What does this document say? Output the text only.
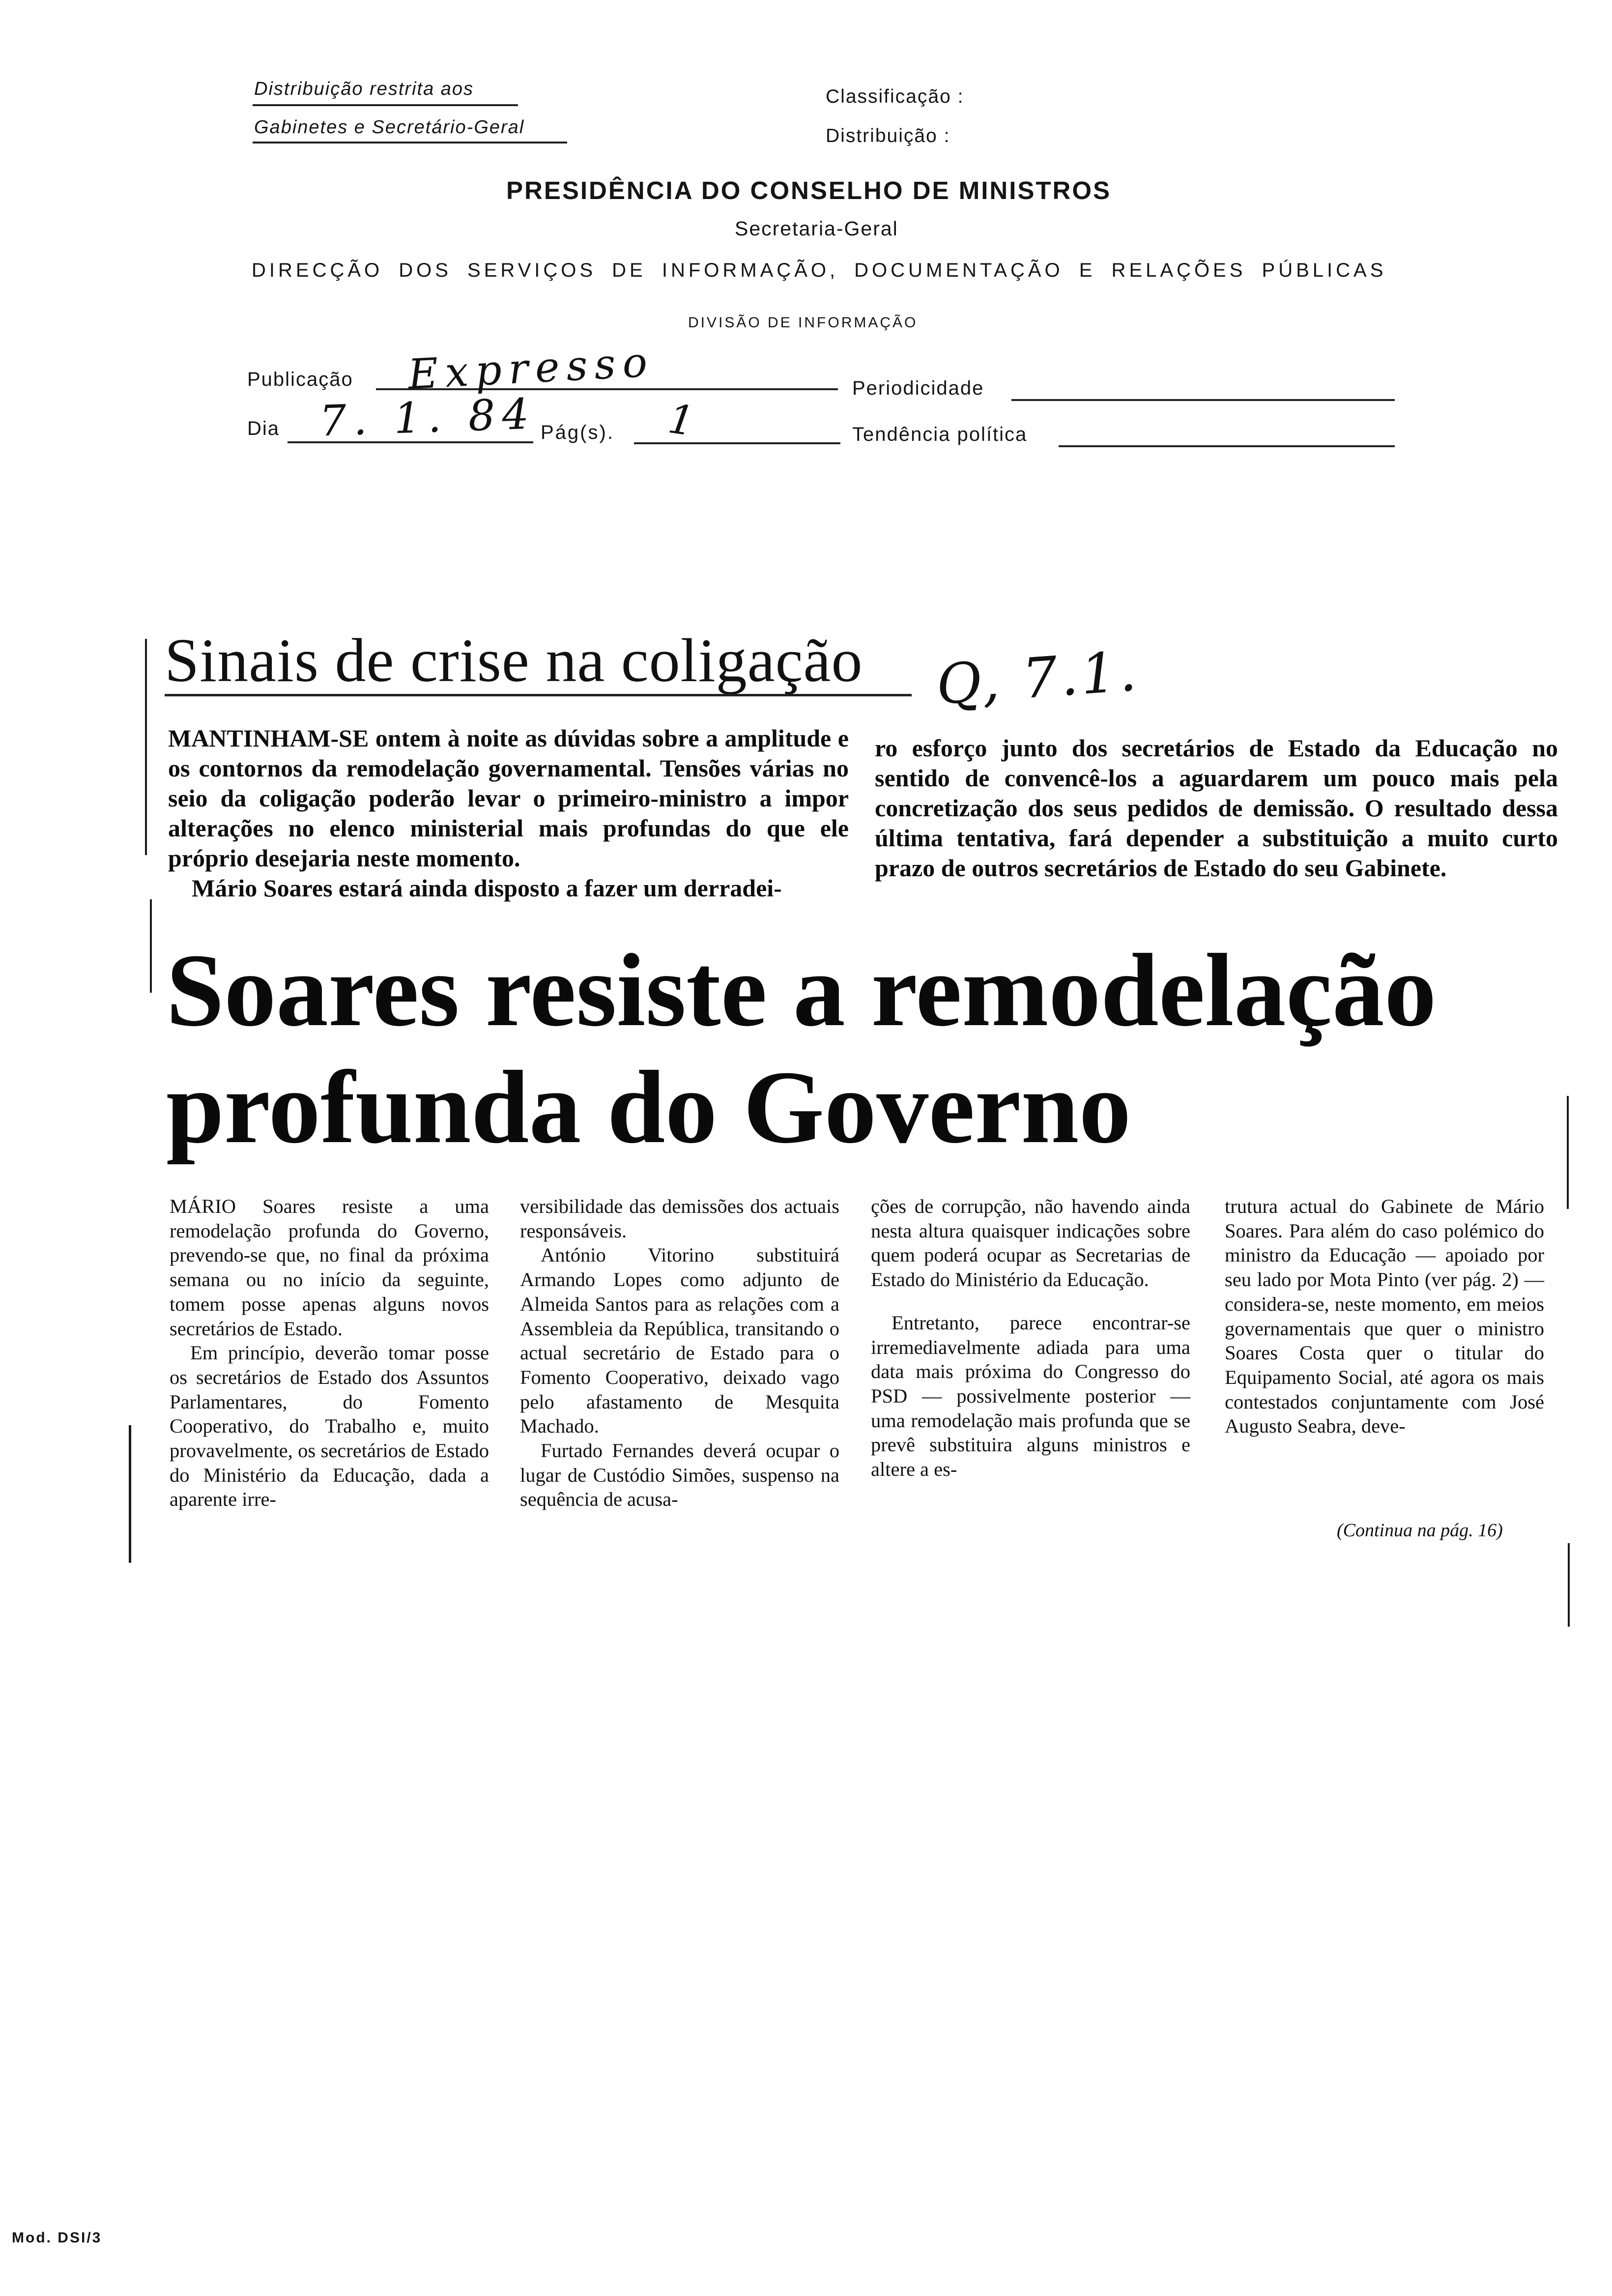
Distribuição restrita aos
Gabinetes e Secretário-Geral
Classificação :
Distribuição :
PRESIDÊNCIA DO CONSELHO DE MINISTROS
Secretaria-Geral
DIRECÇÃO DOS SERVIÇOS DE INFORMAÇÃO, DOCUMENTAÇÃO E RELAÇÕES PÚBLICAS
DIVISÃO DE INFORMAÇÃO
Publicação Expresso	Periodicidade
Dia 7. 1. 84 Pág(s). 1	Tendência política
Sinais de crise na coligação Q, 7.1.
MANTINHAM-SE ontem à noite as dúvidas sobre a amplitude e os contornos da remodelação governamental. Tensões várias no seio da coligação poderão levar o primeiro-ministro a impor alterações no elenco ministerial mais profundas do que ele próprio desejaria neste momento.
Mário Soares estará ainda disposto a fazer um derradei-
ro esforço junto dos secretários de Estado da Educação no sentido de convencê-los a aguardarem um pouco mais pela concretização dos seus pedidos de demissão. O resultado dessa última tentativa, fará depender a substituição a muito curto prazo de outros secretários de Estado do seu Gabinete.
Soares resiste a remodelação
profunda do Governo

MÁRIO Soares resiste a uma remodelação profunda do Governo, prevendo-se que, no final da próxima semana ou no início da seguinte, tomem posse apenas alguns novos secretários de Estado.

Em princípio, deverão tomar posse os secretários de Estado dos Assuntos Parlamentares, do Fomento Cooperativo, do Trabalho e, muito provavelmente, os secretários de Estado do Ministério da Educação, dada a aparente irre-

versibilidade das demissões dos actuais responsáveis.

António Vitorino substituirá Armando Lopes como adjunto de Almeida Santos para as relações com a Assembleia da República, transitando o actual secretário de Estado para o Fomento Cooperativo, deixado vago pelo afastamento de Mesquita Machado.

Furtado Fernandes deverá ocupar o lugar de Custódio Simões, suspenso na sequência de acusa-

ções de corrupção, não havendo ainda nesta altura quaisquer indicações sobre quem poderá ocupar as Secretarias de Estado do Ministério da Educação.

Entretanto, parece encontrar-se irremediavelmente adiada para uma data mais próxima do Congresso do PSD — possivelmente posterior — uma remodelação mais profunda que se prevê substituira alguns ministros e altere a es-

trutura actual do Gabinete de Mário Soares. Para além do caso polémico do ministro da Educação — apoiado por seu lado por Mota Pinto (ver pág. 2) — considera-se, neste momento, em meios governamentais que quer o ministro Soares Costa quer o titular do Equipamento Social, até agora os mais contestados conjuntamente com José Augusto Seabra, deve-

(Continua na pág. 16)
Mod. DSI/3
